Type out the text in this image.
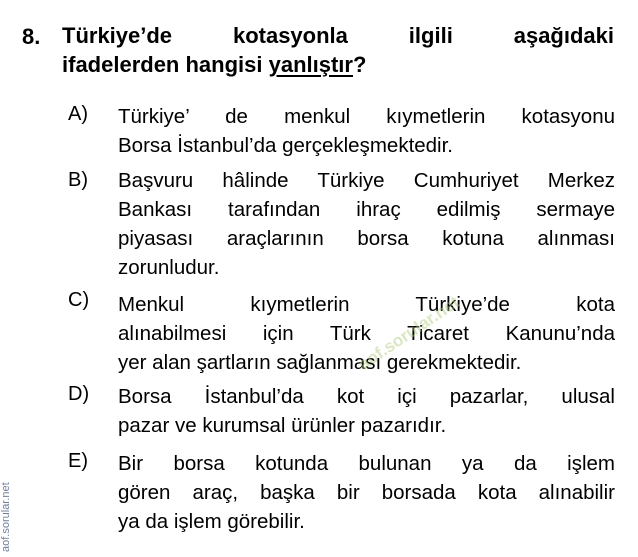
8. Türkiye’de kotasyonla ilgili aşağıdaki
ifadelerden hangisi yanlıştır?
A) Türkiye’ de menkul kıymetlerin kotasyonu
Borsa İstanbul’da gerçekleşmektedir.
B) Başvuru hâlinde Türkiye Cumhuriyet Merkez
Bankası tarafından ihraç edilmiş sermaye
piyasası araçlarının borsa kotuna alınması
zorunludur.
C) Menkul kıymetlerin Türkiye’de kota
alınabilmesi için Türk Ticaret Kanunu’nda
yer alan şartların sağlanması gerekmektedir.
D) Borsa İstanbul’da kot içi pazarlar, ulusal
pazar ve kurumsal ürünler pazarıdır.
E) Bir borsa kotunda bulunan ya da işlem
gören araç, başka bir borsada kota alınabilir
ya da işlem görebilir.
aof.sorular.net
aof.sorular.net
